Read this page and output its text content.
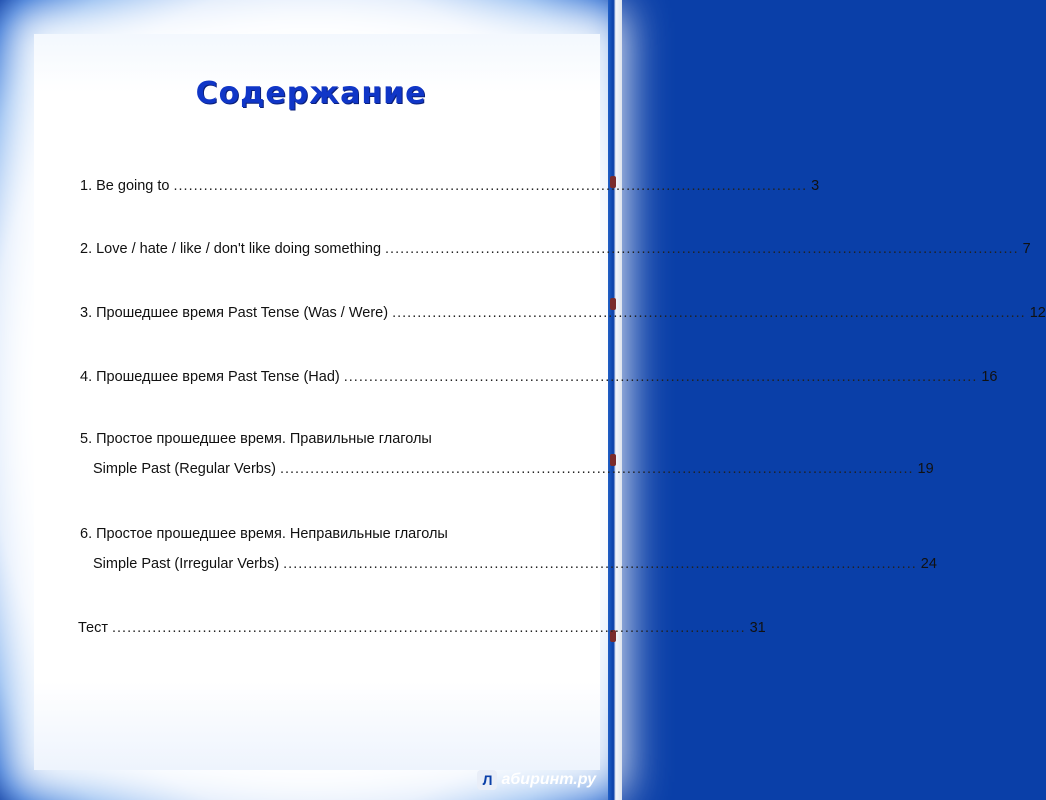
Содержание
1. Be going to .............................................................................................................................. 3
2. Love / hate / like / don't like doing something .............................................................................................................................. 7
3. Прошедшее время Past Tense (Was / Were) .............................................................................................................................. 12
4. Прошедшее время Past Tense (Had) .............................................................................................................................. 16
5. Простое прошедшее время. Правильные глаголы
Simple Past (Regular Verbs) .............................................................................................................................. 19
6. Простое прошедшее время. Неправильные глаголы
Simple Past (Irregular Verbs) .............................................................................................................................. 24
Тест .............................................................................................................................. 31
Л абиринт.ру
